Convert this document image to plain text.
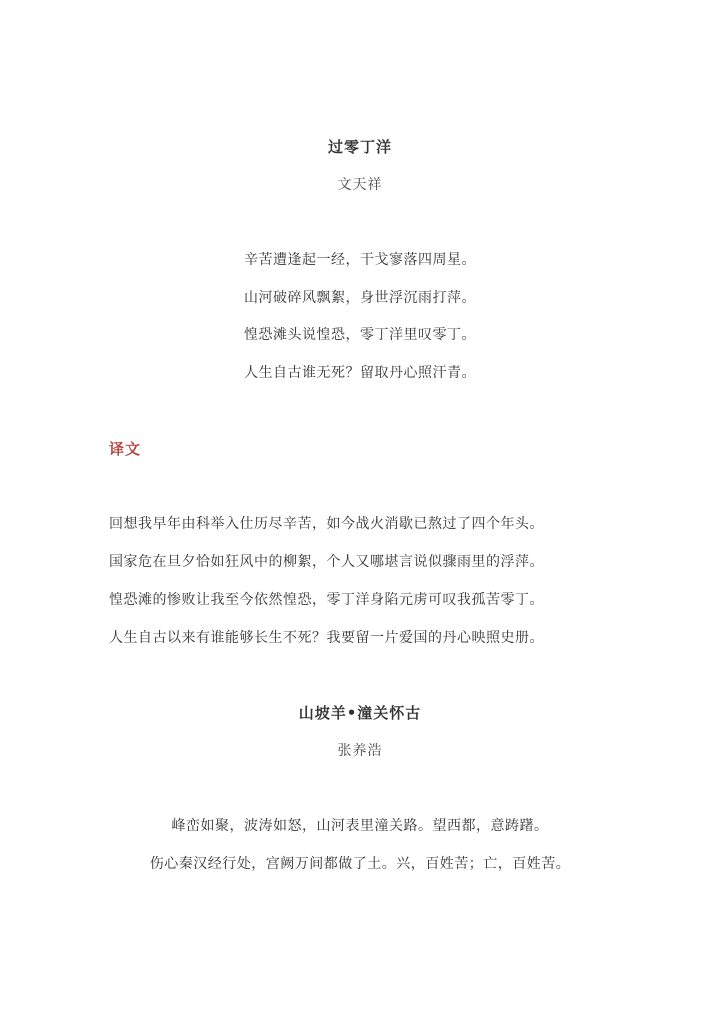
过零丁洋
文天祥
辛苦遭逢起一经，干戈寥落四周星。
山河破碎风飘絮，身世浮沉雨打萍。
惶恐滩头说惶恐，零丁洋里叹零丁。
人生自古谁无死？留取丹心照汗青。
译文
回想我早年由科举入仕历尽辛苦，如今战火消歇已熬过了四个年头。
国家危在旦夕恰如狂风中的柳絮，个人又哪堪言说似骤雨里的浮萍。
惶恐滩的惨败让我至今依然惶恐，零丁洋身陷元虏可叹我孤苦零丁。
人生自古以来有谁能够长生不死？我要留一片爱国的丹心映照史册。
山坡羊•潼关怀古
张养浩
峰峦如聚，波涛如怒，山河表里潼关路。望西都，意踌躇。
伤心秦汉经行处，宫阙万间都做了土。兴，百姓苦；亡，百姓苦。
